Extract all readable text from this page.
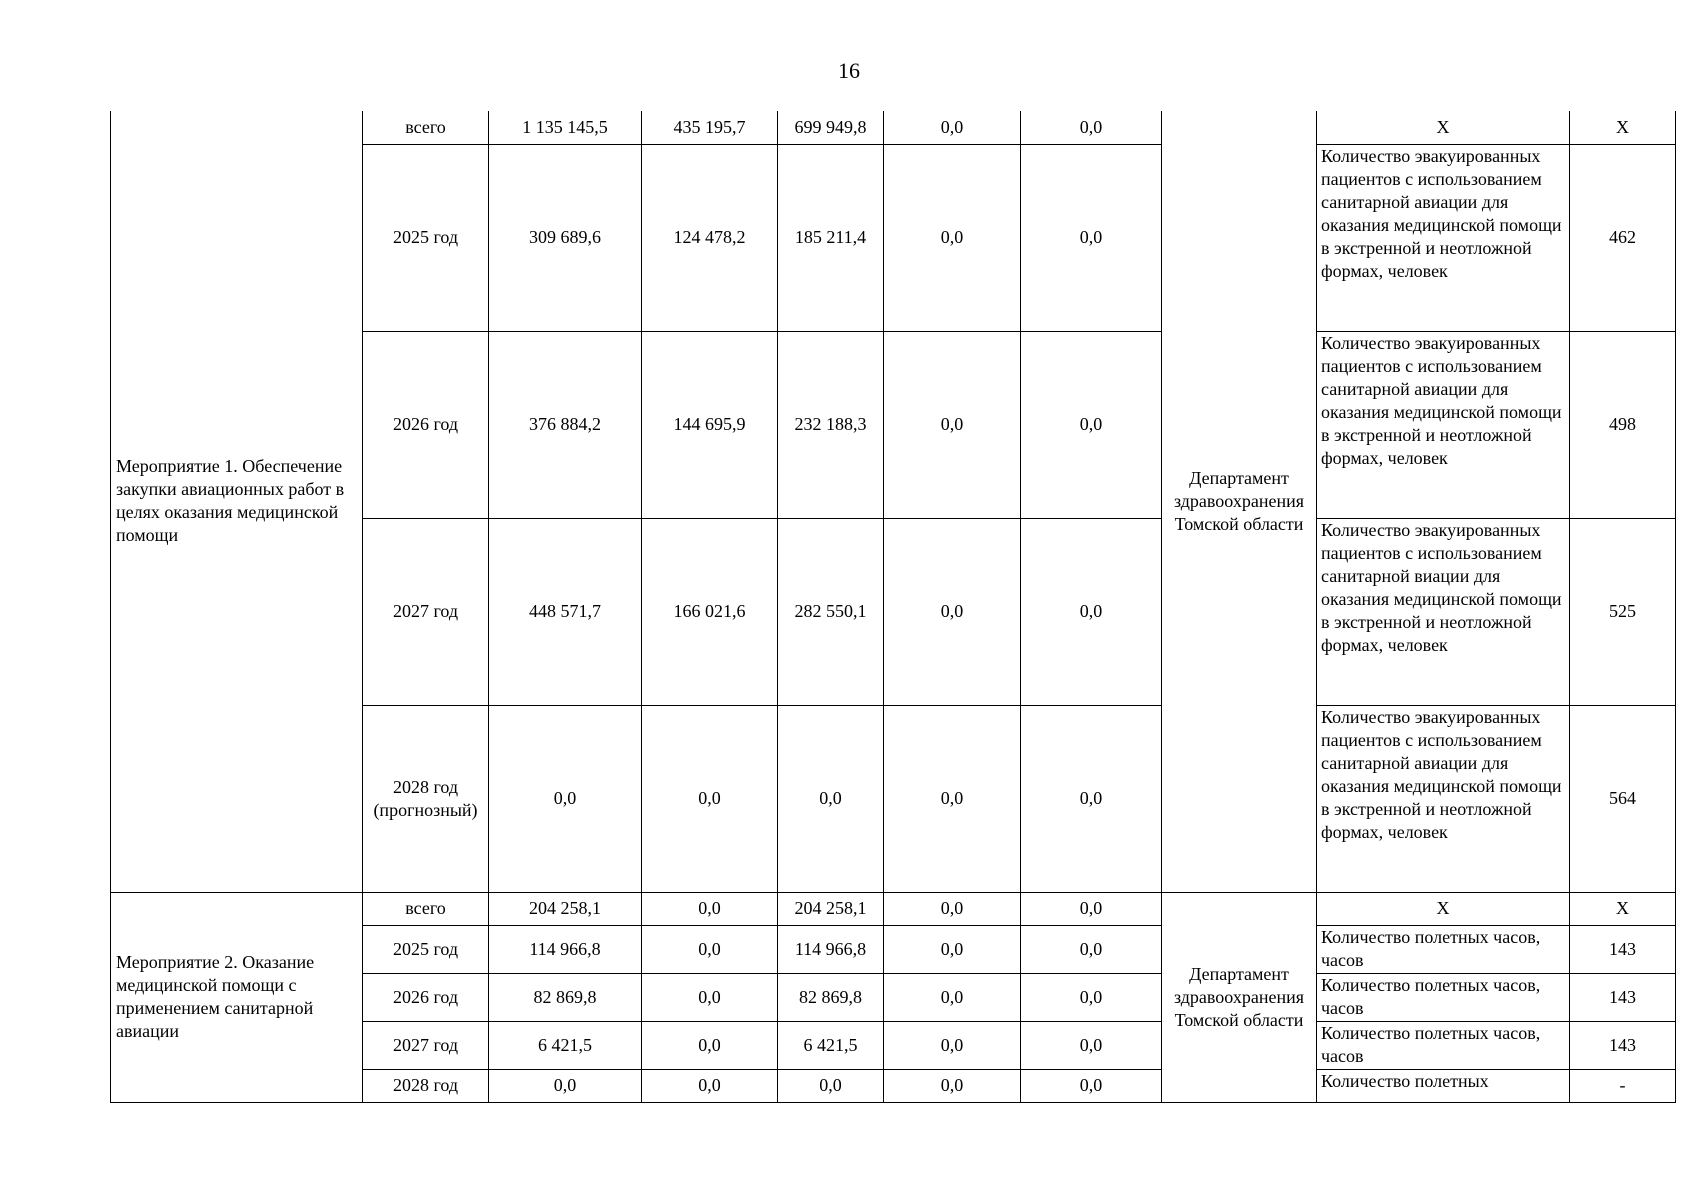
16
Мероприятие 1. Обеспечение закупки авиационных работ в целях оказания медицинской помощи	всего	1 135 145,5	435 195,7	699 949,8	0,0	0,0	Департамент здравоохранения Томской области	Х	Х
	2025 год	309 689,6	124 478,2	185 211,4	0,0	0,0		Количество эвакуированных пациентов с использованием санитарной авиации для оказания медицинской помощи в экстренной и неотложной формах, человек	462
	2026 год	376 884,2	144 695,9	232 188,3	0,0	0,0		Количество эвакуированных пациентов с использованием санитарной авиации для оказания медицинской помощи в экстренной и неотложной формах, человек	498
	2027 год	448 571,7	166 021,6	282 550,1	0,0	0,0		Количество эвакуированных пациентов с использованием санитарной виации для оказания медицинской помощи в экстренной и неотложной формах, человек	525
	2028 год (прогнозный)	0,0	0,0	0,0	0,0	0,0		Количество эвакуированных пациентов с использованием санитарной авиации для оказания медицинской помощи в экстренной и неотложной формах, человек	564
Мероприятие 2. Оказание медицинской помощи с применением санитарной авиации	всего	204 258,1	0,0	204 258,1	0,0	0,0	Департамент здравоохранения Томской области	Х	Х
	2025 год	114 966,8	0,0	114 966,8	0,0	0,0		Количество полетных часов, часов	143
	2026 год	82 869,8	0,0	82 869,8	0,0	0,0		Количество полетных часов, часов	143
	2027 год	6 421,5	0,0	6 421,5	0,0	0,0		Количество полетных часов, часов	143
	2028 год	0,0	0,0	0,0	0,0	0,0		Количество полетных	-
